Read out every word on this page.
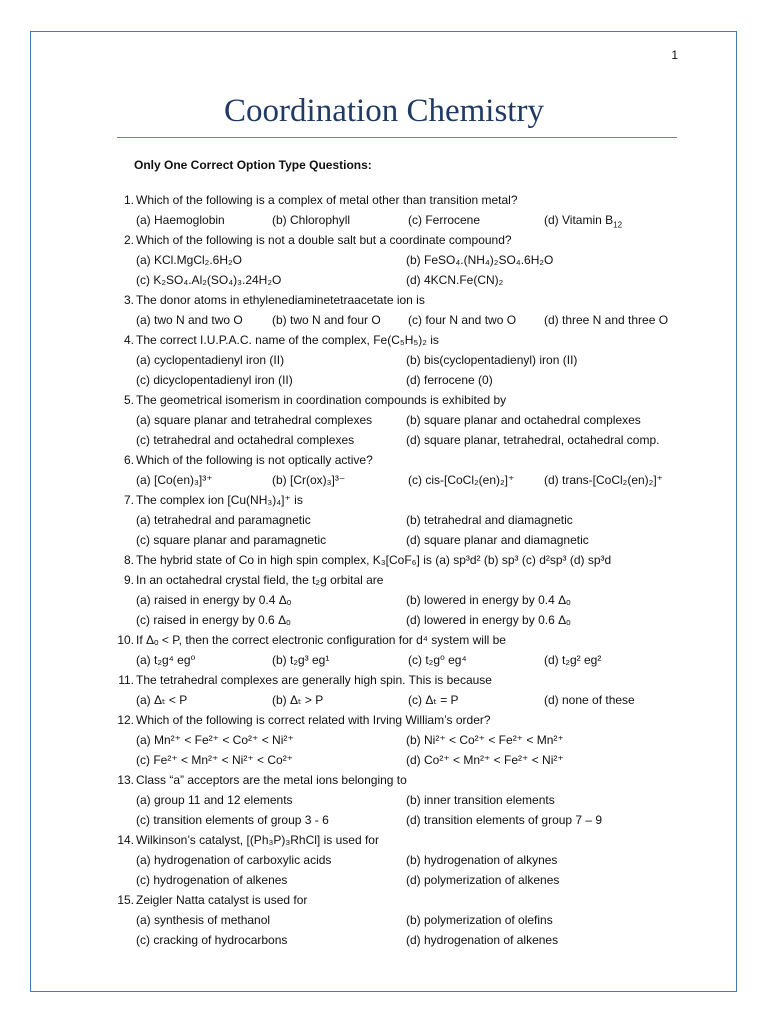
1
Coordination Chemistry
Only One Correct Option Type Questions:
1. Which of the following is a complex of metal other than transition metal?
(a) Haemoglobin	(b) Chlorophyll	(c) Ferrocene	(d) Vitamin $B_{12}$
2. Which of the following is not a double salt but a coordinate compound?
(a) KCl.MgCl₂.6H₂O	(b) FeSO₄.(NH₄)₂SO₄.6H₂O
(c) K₂SO₄.Al₂(SO₄)₃.24H₂O	(d) 4KCN.Fe(CN)₂
3. The donor atoms in ethylenediaminetetraacetate ion is
(a) two N and two O (b) two N and four O (c) four N and two O (d) three N and three O
4. The correct I.U.P.A.C. name of the complex, Fe(C₅H₅)₂ is
(a) cyclopentadienyl iron (II)	(b) bis(cyclopentadienyl) iron (II)
(c) dicyclopentadienyl iron (II)	(d) ferrocene (0)
5. The geometrical isomerism in coordination compounds is exhibited by
(a) square planar and tetrahedral complexes	(b) square planar and octahedral complexes
(c) tetrahedral and octahedral complexes	(d) square planar, tetrahedral, octahedral comp.
6. Which of the following is not optically active?
(a) [Co(en)₃]³⁺	(b) [Cr(ox)₃]³⁻	(c) cis-[CoCl₂(en)₂]⁺ (d) trans-[CoCl₂(en)₂]⁺
7. The complex ion [Cu(NH₃)₄]⁺ is
(a) tetrahedral and paramagnetic	(b) tetrahedral and diamagnetic
(c) square planar and paramagnetic	(d) square planar and diamagnetic
8. The hybrid state of Co in high spin complex, K₃[CoF₆] is (a) sp³d² (b) sp³ (c) d²sp³ (d) sp³d
9. In an octahedral crystal field, the t₂g orbital are
(a) raised in energy by 0.4 Δₒ	(b) lowered in energy by 0.4 Δₒ
(c) raised in energy by 0.6 Δₒ	(d) lowered in energy by 0.6 Δₒ
10. If Δₒ < P, then the correct electronic configuration for d⁴ system will be
(a) t₂g⁴ eg⁰	(b) t₂g³ eg¹	(c) t₂g⁰ eg⁴	(d) t₂g² eg²
11. The tetrahedral complexes are generally high spin. This is because
(a) Δₜ < P	(b) Δₜ > P	(c) Δₜ = P	(d) none of these
12. Which of the following is correct related with Irving William’s order?
(a) Mn²⁺ < Fe²⁺ < Co²⁺ < Ni²⁺	(b) Ni²⁺ < Co²⁺ < Fe²⁺ < Mn²⁺
(c) Fe²⁺ < Mn²⁺ < Ni²⁺ < Co²⁺	(d) Co²⁺ < Mn²⁺ < Fe²⁺ < Ni²⁺
13. Class “a” acceptors are the metal ions belonging to
(a) group 11 and 12 elements	(b) inner transition elements
(c) transition elements of group 3 - 6	(d) transition elements of group 7 – 9
14. Wilkinson’s catalyst, [(Ph₃P)₃RhCl] is used for
(a) hydrogenation of carboxylic acids	(b) hydrogenation of alkynes
(c) hydrogenation of alkenes	(d) polymerization of alkenes
15. Zeigler Natta catalyst is used for
(a) synthesis of methanol	(b) polymerization of olefins
(c) cracking of hydrocarbons	(d) hydrogenation of alkenes
